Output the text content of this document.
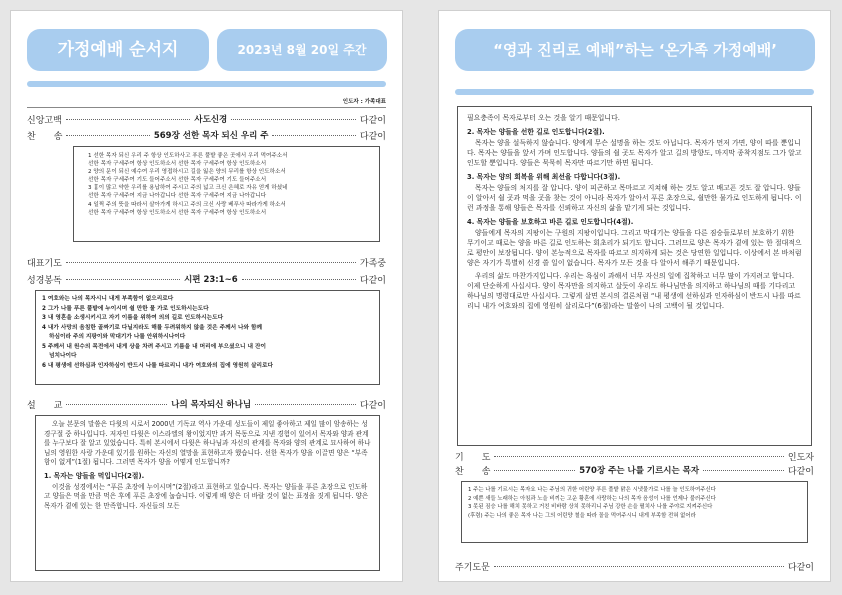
가정예배 순서지	2023년 8월 20일 주간
인도자 : 가족대표
신앙고백	사도신경	다같이
찬　　송	569장 선한 목자 되신 우리 주	다같이

1 선한 목자 되신 우리 주 항상 인도하사고 푸른 풀밭 좋은 곳에서 우리 먹여주소서

선한 목자 구세주여 항상 인도하소서 선한 목자 구세주여 항상 인도하소서

2 양의 문이 되신 예수여 우리 영접하시고 길을 잃은 양의 무리를 항상 인도하소서

선한 목자 구세주여 기도 들어주소서 선한 목자 구세주여 기도 들어주소서

3 흉이 많고 약한 우리를 용납하여 주시고 주의 넓고 크신 은혜로 자유 얻게 하셨네

선한 목자 구세주여 지금 나아갑니다 선한 목자 구세주여 지금 나아갑니다

4 일찍 주의 뜻을 따라서 살아가게 하시고 주의 크신 사랑 베푸사 따라가게 하소서

선한 목자 구세주여 항상 인도하소서 선한 목자 구세주여 항상 인도하소서

대표기도	가족중
성경봉독	시편 23:1~6	다같이

1 여호와는 나의 목자시니 내게 부족함이 없으리로다

2 그가 나를 푸른 풀밭에 누이시며 쉴 만한 물 가로 인도하시는도다

3 내 영혼을 소생시키시고 자기 이름을 위하여 의의 길로 인도하시는도다

4 내가 사망의 음침한 골짜기로 다닐지라도 해를 두려워하지 않을 것은 주께서 나와 함께

하심이라 주의 지팡이와 막대기가 나를 안위하시나이다

5 주께서 내 원수의 목전에서 내게 상을 차려 주시고 기름을 내 머리에 부으셨으니 내 잔이

넘치나이다

6 내 평생에 선하심과 인자하심이 반드시 나를 따르리니 내가 여호와의 집에 영원히 살리로다

설　　교	나의 목자되신 하나님	다같이

오늘 본문의 말씀은 다윗의 시로서 2000년 기독교 역사 가운데 성도들이 제일 좋아하고 제일 많이 암송하는 성경구절 중 하나입니다. 저자인 다윗은 이스라엘의 왕이었지만 과거 목동으로 지낸 경험이 있어서 목자와 양과 관계를 누구보다 잘 알고 있었습니다. 특히 본시에서 다윗은 하나님과 자신의 관계를 목자와 양의 관계로 묘사하여 하나님의 영원한 사랑 가운데 있기를 원하는 자신의 열망을 표현하고자 했습니다. 선한 목자가 양을 이끌면 양은 “부족함이 없게”(1절) 됩니다. 그러면 목자가 양을 어떻게 인도합니까?

1. 목자는 양들을 먹입니다(2절).

이것을 성경에서는 “푸른 초장에 누이시며”(2절)라고 표현하고 있습니다. 목자는 양들을 푸른 초장으로 인도하고 양들은 먹을 만큼 먹은 후에 푸른 초장에 눕습니다. 이렇게 배 양은 더 바랄 것이 없는 표정을 짓게 됩니다. 양은 목자가 곁에 있는 한 만족합니다. 자신들의 모든

“영과 진리로 예배”하는 ‘온가족 가정예배’

필요충족이 목자로부터 오는 것을 알기 때문입니다.

2. 목자는 양들을 선한 길로 인도합니다(2절).

목자는 양을 설득하지 않습니다. 양에게 무슨 설명을 하는 것도 아닙니다. 목자가 먼저 가면, 양이 따를 뿐입니다. 목자는 양들을 앞서 가며 인도합니다. 양들의 쉴 곳도 목자가 알고 길의 방향도, 마지막 종착지점도 그가 알고 인도할 뿐입니다. 양들은 묵묵히 목자만 따르기만 하면 됩니다.

3. 목자는 양의 회복을 위해 최선을 다합니다(3절).

목자는 양들의 처지를 잘 압니다. 양이 피곤하고 목마르고 지쳐해 하는 것도 알고 배고픈 것도 잘 압니다. 양들이 알아서 쉴 곳과 먹을 곳을 찾는 것이 아니라 목자가 알아서 푸른 초장으로, 쉴만한 물가로 인도하게 됩니다. 이런 과정을 통해 양들은 목자를 신뢰하고 자신의 삶을 맡기게 되는 것입니다.

4. 목자는 양들을 보호하고 바른 길로 인도합니다(4절).

양들에게 목자의 지팡이는 구원의 지팡이입니다. 그리고 막대기는 양들을 다른 짐승들로부터 보호하기 위한 무기이고 때로는 양을 바른 길로 인도하는 회초리가 되기도 합니다. 그러므로 양은 목자가 곁에 있는 한 절대적으로 평안이 보장됩니다. 양이 본능적으로 목자를 따르고 의지하게 되는 것은 당연한 일입니다. 이상에서 본 바처럼 양은 자기가 특별히 신경 쓸 일이 없습니다. 목자가 모든 것을 다 알아서 해주기 때문입니다.

우리의 삶도 마찬가지입니다. 우리는 욕심이 과해서 너무 자신의 일에 집착하고 너무 많이 가지려고 합니다. 이제 단순하게 사십시다. 양이 목자만을 의지하고 살듯이 우리도 하나님만을 의지하고 하나님의 때를 기다리고 하나님의 명령대로만 사십시다. 그렇게 살면 본시의 결론처럼 “내 평생에 선하심과 인자하심이 반드시 나를 따르리니 내가 여호와의 집에 영원히 살리로다”(6절)라는 말씀이 나의 고백이 될 것입니다.

기　　도	인도자
찬　　송	570장 주는 나를 기르시는 목자	다같이

1 주는 나를 기르시는 목자요 나는 주님의 귀한 어린양 푸른 풀밭 맑은 시냇물가로 나를 늘 인도하여주신다

2 예쁜 새들 노래하는 아침과 노을 비끼는 고운 황혼에 사랑하는 나의 목자 음성이 나를 언제나 불러주신다

3 못된 짐승 나를 해치 못하고 거친 비바람 상치 못하리니 주님 강한 손을 펼치사 나를 주야로 지켜주신다

(후렴) 주는 나의 좋은 목자 나는 그의 어린양 철을 따라 꼴을 먹여주시니 내게 부족함 전혀 없어라

주기도문	다같이
